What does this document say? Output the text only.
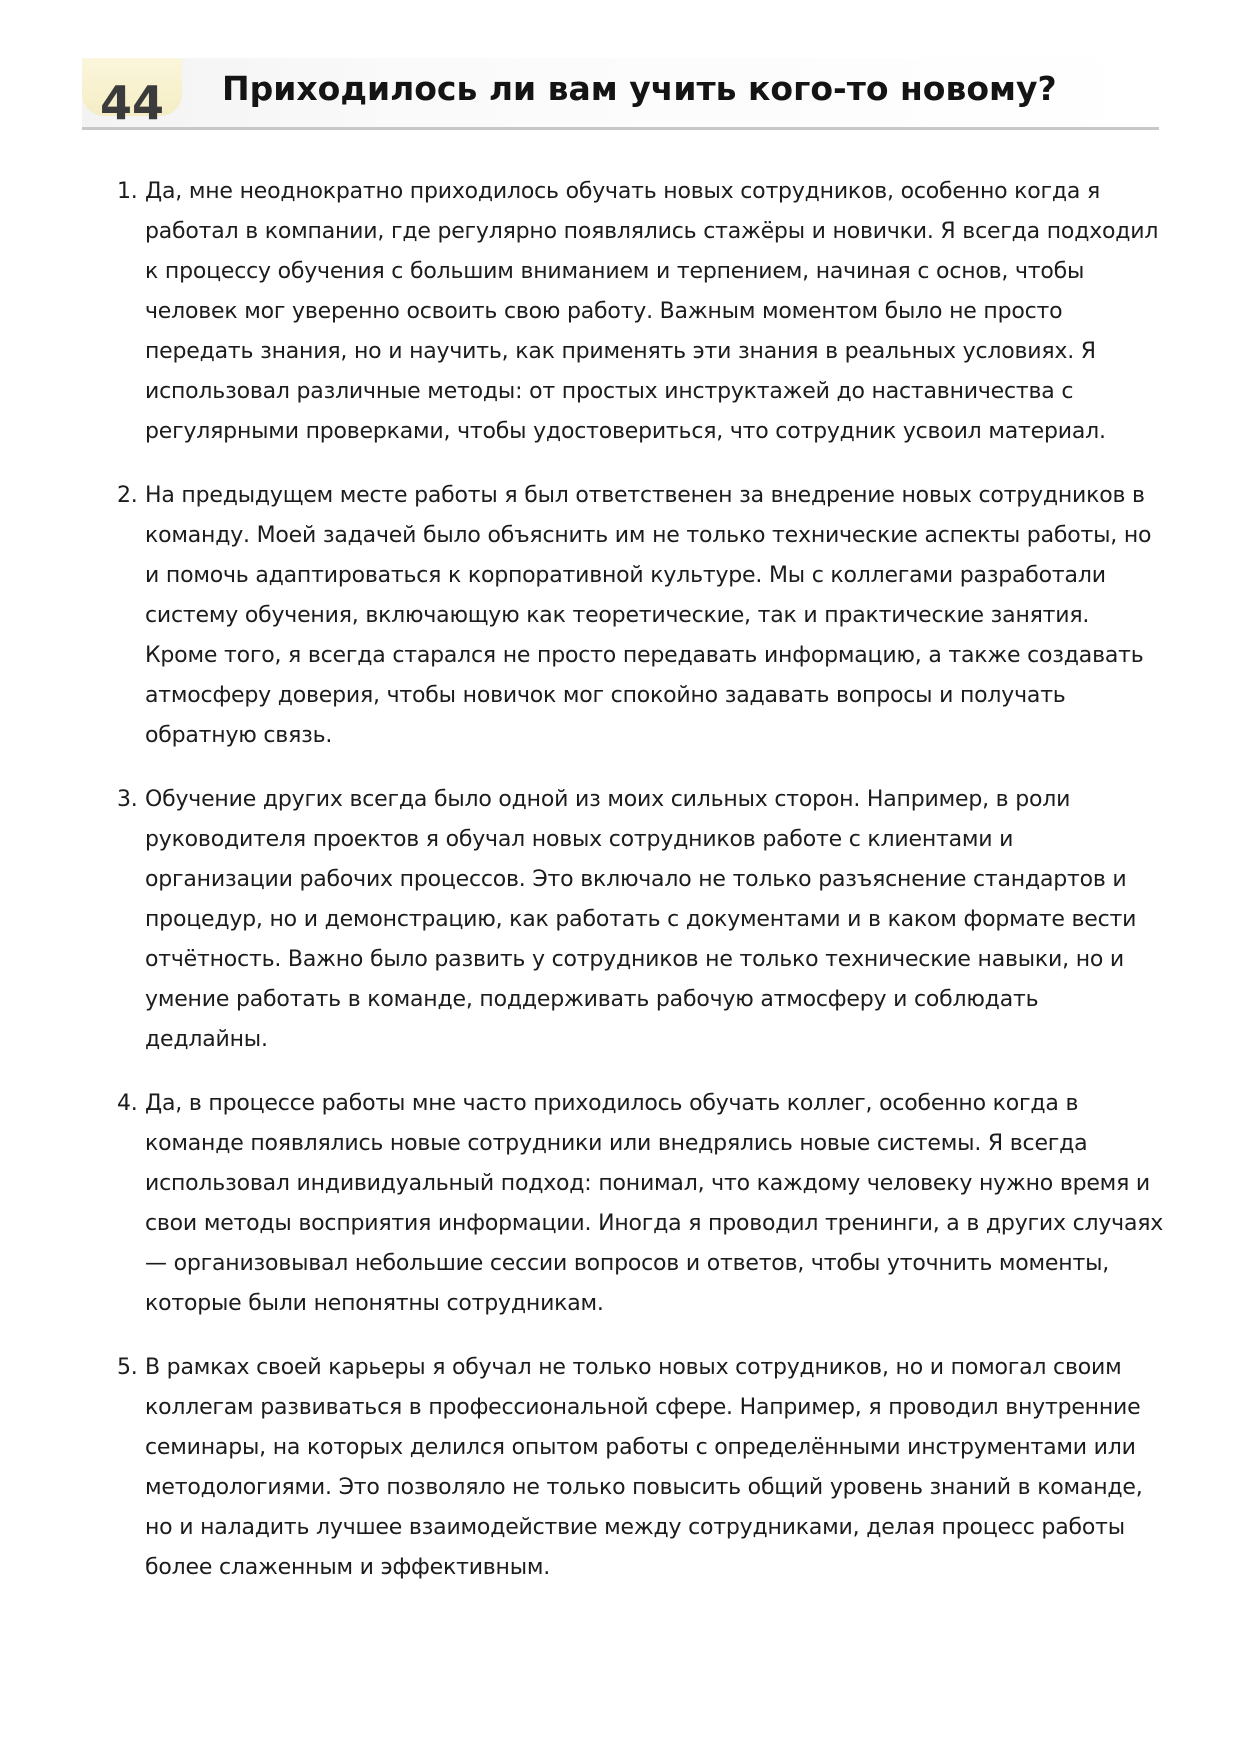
44 Приходилось ли вам учить кого-то новому?
1. Да, мне неоднократно приходилось обучать новых сотрудников, особенно когда я работал в компании, где регулярно появлялись стажёры и новички. Я всегда подходил к процессу обучения с большим вниманием и терпением, начиная с основ, чтобы человек мог уверенно освоить свою работу. Важным моментом было не просто передать знания, но и научить, как применять эти знания в реальных условиях. Я использовал различные методы: от простых инструктажей до наставничества с регулярными проверками, чтобы удостовериться, что сотрудник усвоил материал.
2. На предыдущем месте работы я был ответственен за внедрение новых сотрудников в команду. Моей задачей было объяснить им не только технические аспекты работы, но и помочь адаптироваться к корпоративной культуре. Мы с коллегами разработали систему обучения, включающую как теоретические, так и практические занятия. Кроме того, я всегда старался не просто передавать информацию, а также создавать атмосферу доверия, чтобы новичок мог спокойно задавать вопросы и получать обратную связь.
3. Обучение других всегда было одной из моих сильных сторон. Например, в роли руководителя проектов я обучал новых сотрудников работе с клиентами и организации рабочих процессов. Это включало не только разъяснение стандартов и процедур, но и демонстрацию, как работать с документами и в каком формате вести отчётность. Важно было развить у сотрудников не только технические навыки, но и умение работать в команде, поддерживать рабочую атмосферу и соблюдать дедлайны.
4. Да, в процессе работы мне часто приходилось обучать коллег, особенно когда в команде появлялись новые сотрудники или внедрялись новые системы. Я всегда использовал индивидуальный подход: понимал, что каждому человеку нужно время и свои методы восприятия информации. Иногда я проводил тренинги, а в других случаях — организовывал небольшие сессии вопросов и ответов, чтобы уточнить моменты, которые были непонятны сотрудникам.
5. В рамках своей карьеры я обучал не только новых сотрудников, но и помогал своим коллегам развиваться в профессиональной сфере. Например, я проводил внутренние семинары, на которых делился опытом работы с определёнными инструментами или методологиями. Это позволяло не только повысить общий уровень знаний в команде, но и наладить лучшее взаимодействие между сотрудниками, делая процесс работы более слаженным и эффективным.
